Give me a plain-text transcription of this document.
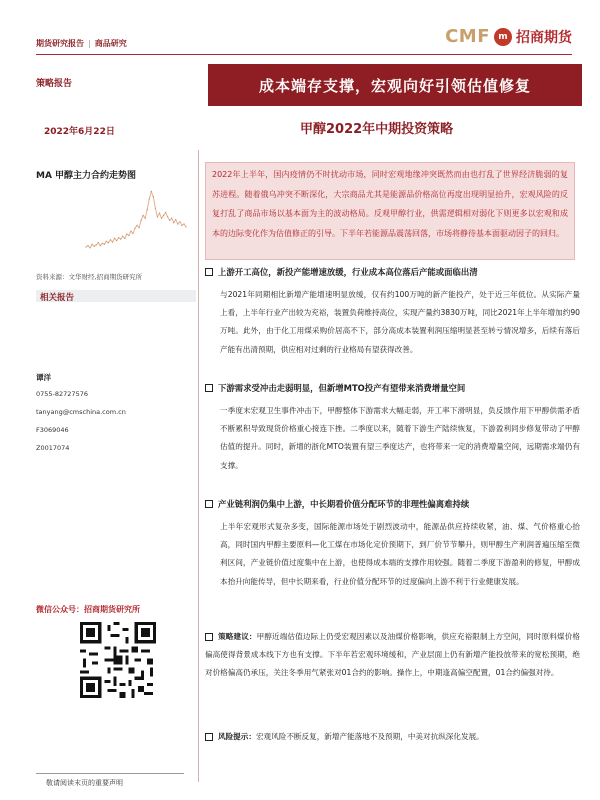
期货研究报告 | 商品研究	CMF m 招商期货
策略报告	成本端存支撑，宏观向好引领估值修复
2022年6月22日	甲醇2022年中期投资策略
MA 甲醇主力合约走势图
资料来源：文华财经,招商期货研究所
相关报告
谭洋
0755-82727576
tanyang@cmschina.com.cn
F3069046
Z0017074
微信公众号：招商期货研究所
敬请阅读末页的重要声明
2022年上半年，国内疫情仍不时扰动市场，同时宏观地缘冲突既然而由也打乱了世界经济脆弱的复苏进程。随着俄乌冲突不断深化，大宗商品尤其是能源品价格高位再度出现明显抬升，宏观风险的反复打乱了商品市场以基本面为主的波动格局。反观甲醇行业，供需逻辑相对弱化下则更多以宏观和成本的边际变化作为估值修正的引导。下半年若能源品震荡回落，市场将静待基本面驱动因子的回归。
上游开工高位，新投产能增速放缓，行业成本高位落后产能或面临出清
与2021年同期相比新增产能增速明显放缓，仅有约100万吨的新产能投产，处于近三年低位。从实际产量上看，上半年行业产出较为充裕，装置负荷维持高位，实现产量约3830万吨，同比2021年上半年增加约90万吨。此外，由于化工用煤采购价居高不下，部分高成本装置利润压缩明显甚至转亏情况增多，后续有落后产能有出清预期，供应相对过剩的行业格局有望获得改善。
下游需求受冲击走弱明显，但新增MTO投产有望带来消费增量空间
一季度末宏观卫生事件冲击下，甲醇整体下游需求大幅走弱，开工率下滑明显，负反馈作用下甲醇供需矛盾不断累积导致现货价格重心接连下挫。二季度以来，随着下游生产陆续恢复，下游盈利同步修复带动了甲醇估值的提升。同时，新增的浙化MTO装置有望三季度达产，也将带来一定的消费增量空间，远期需求端仍有支撑。
产业链利润仍集中上游，中长期看价值分配环节的非理性偏离难持续
上半年宏观形式复杂多变，国际能源市场处于剧烈波动中，能源品供应持续收紧，油、煤、气价格重心抬高，同时国内甲醇主要原料—化工煤在市场化定价预期下，到厂价节节攀升，则甲醇生产利润普遍压缩至微利区间，产业链价值过度集中在上游，也使得成本端的支撑作用较强。随着二季度下游盈利的修复，甲醇成本抬升向能传导，但中长期来看，行业价值分配环节的过度偏向上游不利于行业健康发展。
策略建议：甲醇近端估值边际上仍受宏观因素以及油煤价格影响，供应充裕限制上方空间，同时原料煤价格偏高使得背景成本线下方也有支撑。下半年若宏观环境缓和，产业层面上仍有新增产能投放带来的宽松预期，绝对价格偏高仍承压，关注冬季用气紧张对01合约的影响。操作上，中期逢高偏空配置，01合约偏强对待。
风险提示：宏观风险不断反复，新增产能落地不及预期，中美对抗纵深化发展。
